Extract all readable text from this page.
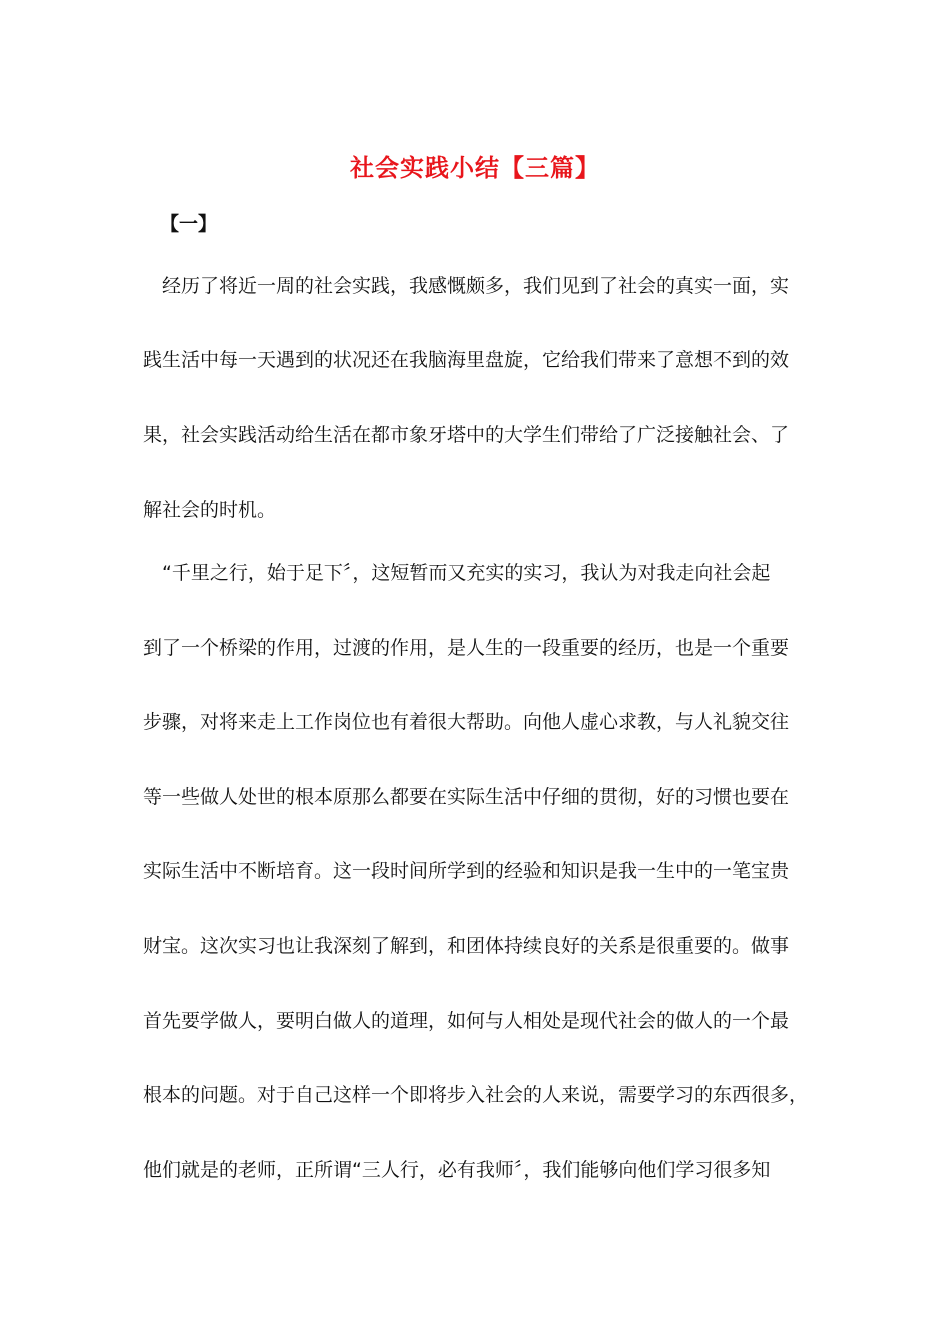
社会实践小结【三篇】
【一】
　经历了将近一周的社会实践，我感慨颇多，我们见到了社会的真实一面，实
践生活中每一天遇到的状况还在我脑海里盘旋，它给我们带来了意想不到的效
果，社会实践活动给生活在都市象牙塔中的大学生们带给了广泛接触社会、了
解社会的时机。
　“千里之行，始于足下〞，这短暂而又充实的实习，我认为对我走向社会起
到了一个桥梁的作用，过渡的作用，是人生的一段重要的经历，也是一个重要
步骤，对将来走上工作岗位也有着很大帮助。向他人虚心求教，与人礼貌交往
等一些做人处世的根本原那么都要在实际生活中仔细的贯彻，好的习惯也要在
实际生活中不断培育。这一段时间所学到的经验和知识是我一生中的一笔宝贵
财宝。这次实习也让我深刻了解到，和团体持续良好的关系是很重要的。做事
首先要学做人，要明白做人的道理，如何与人相处是现代社会的做人的一个最
根本的问题。对于自己这样一个即将步入社会的人来说，需要学习的东西很多，
他们就是的老师，正所谓“三人行，必有我师〞，我们能够向他们学习很多知
